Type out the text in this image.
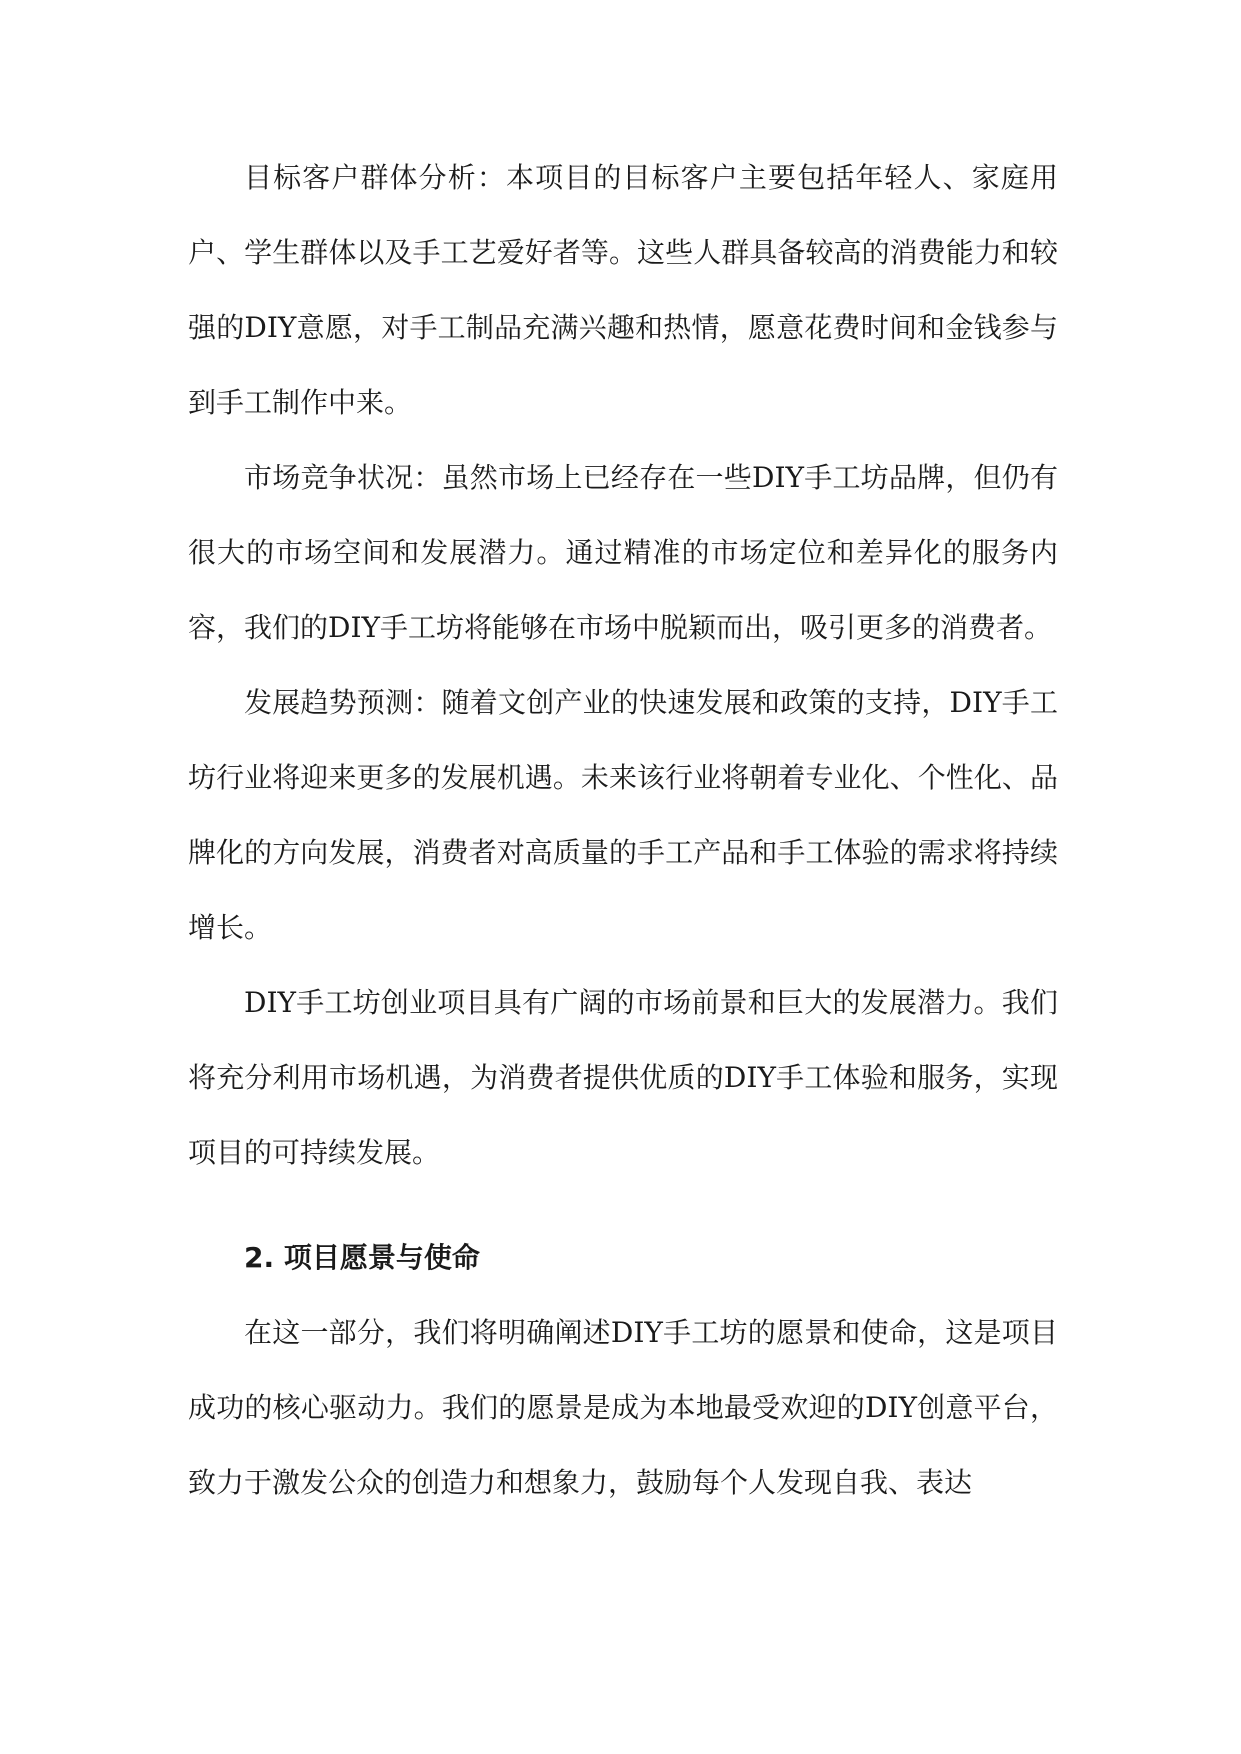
目标客户群体分析：本项目的目标客户主要包括年轻人、家庭用户、学生群体以及手工艺爱好者等。这些人群具备较高的消费能力和较强的DIY意愿，对手工制品充满兴趣和热情，愿意花费时间和金钱参与到手工制作中来。

市场竞争状况：虽然市场上已经存在一些DIY手工坊品牌，但仍有很大的市场空间和发展潜力。通过精准的市场定位和差异化的服务内容，我们的DIY手工坊将能够在市场中脱颖而出，吸引更多的消费者。

发展趋势预测：随着文创产业的快速发展和政策的支持，DIY手工坊行业将迎来更多的发展机遇。未来该行业将朝着专业化、个性化、品牌化的方向发展，消费者对高质量的手工产品和手工体验的需求将持续增长。

DIY手工坊创业项目具有广阔的市场前景和巨大的发展潜力。我们将充分利用市场机遇，为消费者提供优质的DIY手工体验和服务，实现项目的可持续发展。

2. 项目愿景与使命

在这一部分，我们将明确阐述DIY手工坊的愿景和使命，这是项目成功的核心驱动力。我们的愿景是成为本地最受欢迎的DIY创意平台，致力于激发公众的创造力和想象力，鼓励每个人发现自我、表达
